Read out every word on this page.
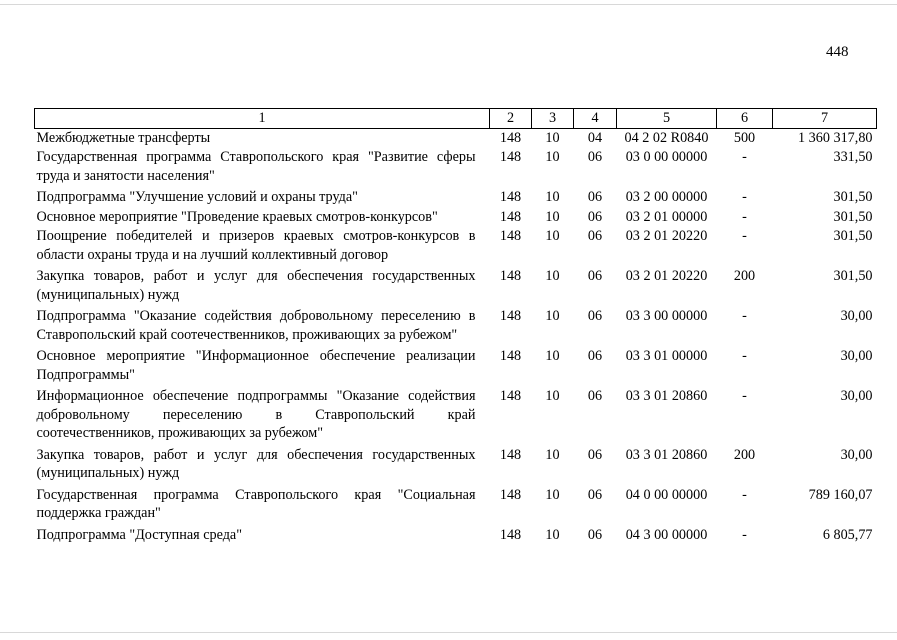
448
1	2	3	4	5	6	7
Межбюджетные трансферты	148	10	04	04 2 02 R0840	500	1 360 317,80
Государственная программа Ставропольского края "Развитие сферы труда и занятости населения"	148	10	06	03 0 00 00000	-	331,50
Подпрограмма "Улучшение условий и охраны труда"	148	10	06	03 2 00 00000	-	301,50
Основное мероприятие "Проведение краевых смотров-конкурсов"	148	10	06	03 2 01 00000	-	301,50
Поощрение победителей и призеров краевых смотров-конкурсов в области охраны труда и на лучший коллективный договор	148	10	06	03 2 01 20220	-	301,50
Закупка товаров, работ и услуг для обеспечения государственных (муниципальных) нужд	148	10	06	03 2 01 20220	200	301,50
Подпрограмма "Оказание содействия добровольному переселению в Ставропольский край соотечественников, проживающих за рубежом"	148	10	06	03 3 00 00000	-	30,00
Основное мероприятие "Информационное обеспечение реализации Подпрограммы"	148	10	06	03 3 01 00000	-	30,00
Информационное обеспечение подпрограммы "Оказание содействия добровольному переселению в Ставропольский край соотечественников, проживающих за рубежом"	148	10	06	03 3 01 20860	-	30,00
Закупка товаров, работ и услуг для обеспечения государственных (муниципальных) нужд	148	10	06	03 3 01 20860	200	30,00
Государственная программа Ставропольского края "Социальная поддержка граждан"	148	10	06	04 0 00 00000	-	789 160,07
Подпрограмма "Доступная среда"	148	10	06	04 3 00 00000	-	6 805,77
